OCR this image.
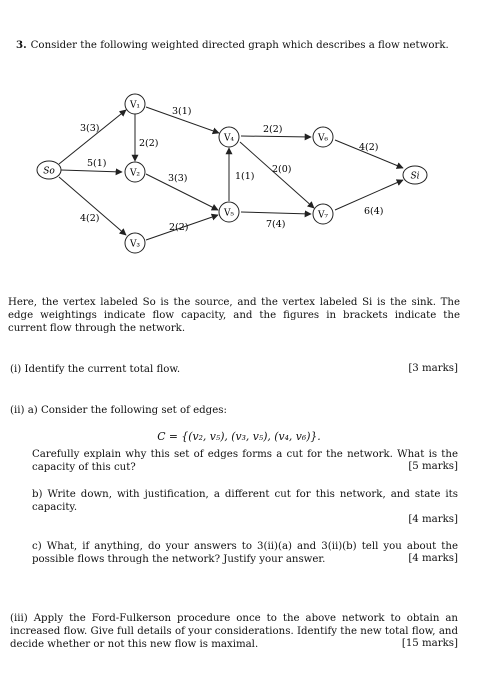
3. Consider the following weighted directed graph which describes a flow network.
So
V₁
V₂
V₃
V₄
V₅
V₆
V₇
Si
3(3)
5(1)
4(2)
2(2)
3(1)
3(3)
2(2)
1(1)
2(2)
2(0)
7(4)
4(2)
6(4)
Here, the vertex labeled So is the source, and the vertex labeled Si is the sink. The edge weightings indicate flow capacity, and the figures in brackets indicate the current flow through the network.
(i) Identify the current total flow.	[3 marks]
(ii) a) Consider the following set of edges:
C = {(v₂, v₅), (v₃, v₅), (v₄, v₆)}.
Carefully explain why this set of edges forms a cut for the network. What is the capacity of this cut?	[5 marks]
b) Write down, with justification, a different cut for this network, and state its capacity.
[4 marks]
c) What, if anything, do your answers to 3(ii)(a) and 3(ii)(b) tell you about the possible flows through the network? Justify your answer.	[4 marks]
(iii) Apply the Ford-Fulkerson procedure once to the above network to obtain an increased flow. Give full details of your considerations. Identify the new total flow, and decide whether or not this new flow is maximal.	[15 marks]
